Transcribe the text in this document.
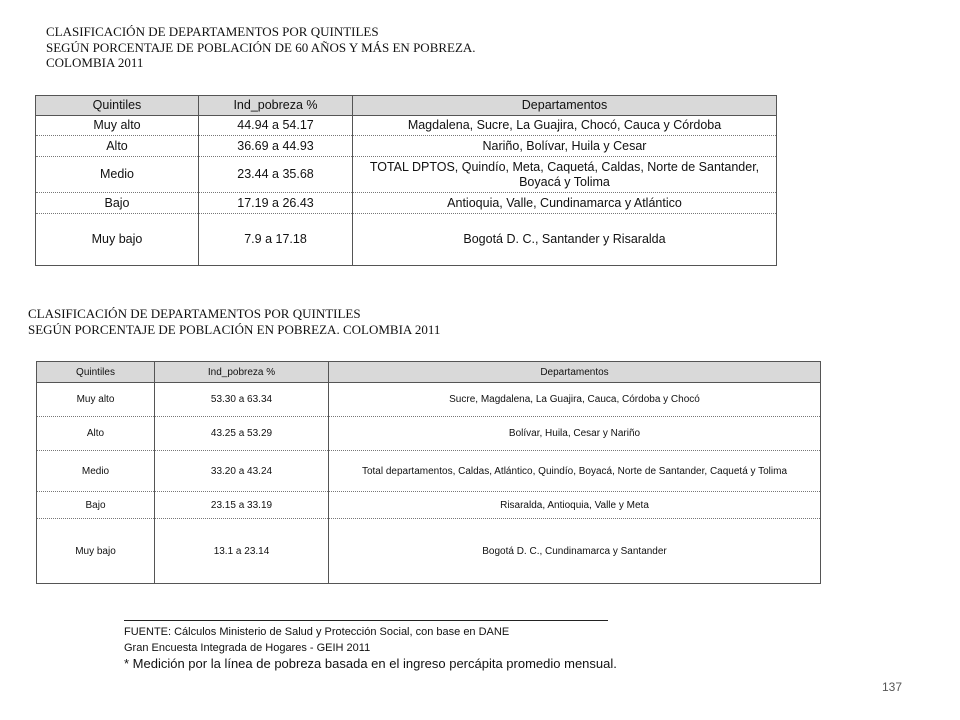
CLASIFICACIÓN DE DEPARTAMENTOS POR QUINTILES
SEGÚN PORCENTAJE DE POBLACIÓN DE 60 AÑOS Y MÁS EN POBREZA.
COLOMBIA 2011
Quintiles	Ind_pobreza %	Departamentos
Muy alto	44.94 a 54.17	Magdalena, Sucre, La Guajira, Chocó, Cauca y Córdoba
Alto	36.69 a 44.93	Nariño, Bolívar, Huila y Cesar
Medio	23.44 a 35.68	TOTAL DPTOS, Quindío, Meta, Caquetá, Caldas, Norte de Santander, Boyacá y Tolima
Bajo	17.19 a 26.43	Antioquia, Valle, Cundinamarca y Atlántico
Muy bajo	7.9 a 17.18	Bogotá D. C., Santander y Risaralda
CLASIFICACIÓN DE DEPARTAMENTOS POR QUINTILES
SEGÚN PORCENTAJE DE POBLACIÓN EN POBREZA. COLOMBIA 2011
Quintiles	Ind_pobreza %	Departamentos
Muy alto	53.30 a 63.34	Sucre, Magdalena, La Guajira, Cauca, Córdoba y Chocó
Alto	43.25 a 53.29	Bolívar, Huila, Cesar y Nariño
Medio	33.20 a 43.24	Total departamentos, Caldas, Atlántico, Quindío, Boyacá, Norte de Santander, Caquetá y Tolima
Bajo	23.15 a 33.19	Risaralda, Antioquia, Valle y Meta
Muy bajo	13.1 a 23.14	Bogotá D. C., Cundinamarca y Santander
FUENTE: Cálculos Ministerio de Salud y Protección Social, con base en DANE
Gran Encuesta Integrada de Hogares - GEIH 2011
* Medición por la línea de pobreza basada en el ingreso percápita promedio mensual.
137
